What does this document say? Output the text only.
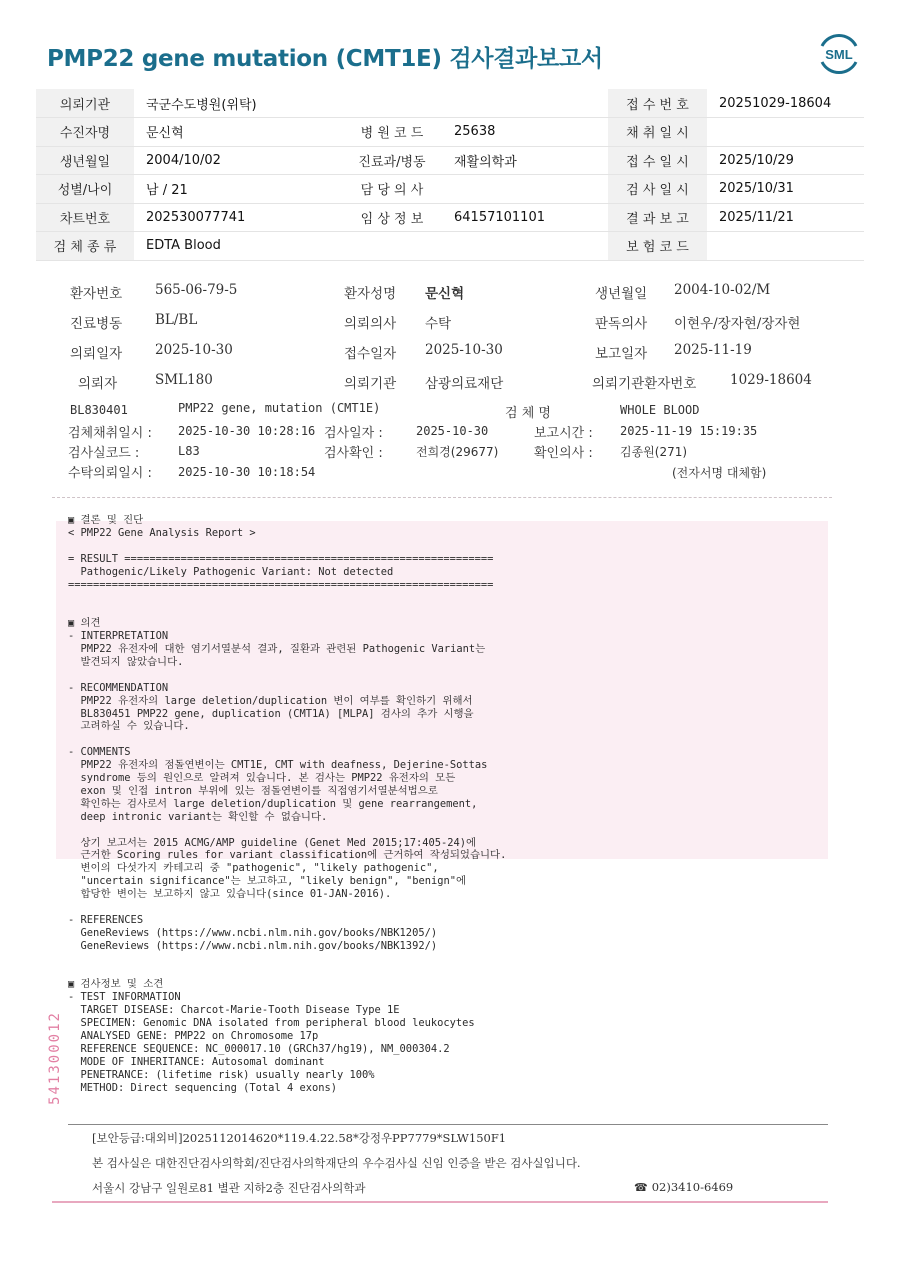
PMP22 gene mutation (CMT1E) 검사결과보고서	SML
의뢰기관	국군수도병원(위탁)			접 수 번 호	20251029-18604
수진자명	문신혁	병 원 코 드	25638	채 취 일 시	
생년월일	2004/10/02	진료과/병동	재활의학과	접 수 일 시	2025/10/29
성별/나이	남 / 21	담 당 의 사		검 사 일 시	2025/10/31
차트번호	202530077741	임 상 정 보	64157101101	결 과 보 고	2025/11/21
검 체 종 류	EDTA Blood			보 험 코 드	
환자번호 565-06-79-5	환자성명 문신혁	생년월일 2004-10-02/M
진료병동 BL/BL	의뢰의사 수탁	판독의사 이현우/장자현/장자현
의뢰일자 2025-10-30	접수일자 2025-10-30	보고일자 2025-11-19
의뢰자	SML180	의뢰기관 삼광의료재단	의뢰기관환자번호 1029-18604
BL830401	PMP22 gene, mutation (CMT1E)	검 체 명	WHOLE BLOOD
검체채취일시 : 2025-10-30 10:28:16 검사일자 :	2025-10-30	보고시간 : 2025-11-19 15:19:35
검사실코드 :	L83	검사확인 :	전희경(29677)	확인의사 : 김종원(271)
수탁의뢰일시 : 2025-10-30 10:18:54	(전자서명 대체함)
▣ 결론 및 진단
< PMP22 Gene Analysis Report >
= RESULT ===========================================================
Pathogenic/Likely Pathogenic Variant: Not detected
====================================================================
▣ 의견
- INTERPRETATION
PMP22 유전자에 대한 염기서열분석 결과, 질환과 관련된 Pathogenic Variant는
발견되지 않았습니다.
- RECOMMENDATION
PMP22 유전자의 large deletion/duplication 변이 여부를 확인하기 위해서
BL830451 PMP22 gene, duplication (CMT1A) [MLPA] 검사의 추가 시행을
고려하실 수 있습니다.
- COMMENTS
PMP22 유전자의 점돌연변이는 CMT1E, CMT with deafness, Dejerine-Sottas
syndrome 등의 원인으로 알려져 있습니다. 본 검사는 PMP22 유전자의 모든
exon 및 인접 intron 부위에 있는 점돌연변이를 직접염기서열분석법으로
확인하는 검사로서 large deletion/duplication 및 gene rearrangement,
deep intronic variant는 확인할 수 없습니다.
상기 보고서는 2015 ACMG/AMP guideline (Genet Med 2015;17:405-24)에
근거한 Scoring rules for variant classification에 근거하여 작성되었습니다.
변이의 다섯가지 카테고리 중 "pathogenic", "likely pathogenic",
"uncertain significance"는 보고하고, "likely benign", "benign"에
합당한 변이는 보고하지 않고 있습니다(since 01-JAN-2016).
- REFERENCES
GeneReviews (https://www.ncbi.nlm.nih.gov/books/NBK1205/)
GeneReviews (https://www.ncbi.nlm.nih.gov/books/NBK1392/)
▣ 검사정보 및 소견
- TEST INFORMATION
TARGET DISEASE: Charcot-Marie-Tooth Disease Type 1E
SPECIMEN: Genomic DNA isolated from peripheral blood leukocytes
ANALYSED GENE: PMP22 on Chromosome 17p
REFERENCE SEQUENCE: NC_000017.10 (GRCh37/hg19), NM_000304.2
MODE OF INHERITANCE: Autosomal dominant
PENETRANCE: (lifetime risk) usually nearly 100%
METHOD: Direct sequencing (Total 4 exons)
541300012
[보안등급:대외비]2025112014620*119.4.22.58*강정우PP7779*SLW150F1
본 검사실은 대한진단검사의학회/진단검사의학재단의 우수검사실 신임 인증을 받은 검사실입니다.
서울시 강남구 일원로81 별관 지하2층 진단검사의학과	☎ 02)3410-6469
